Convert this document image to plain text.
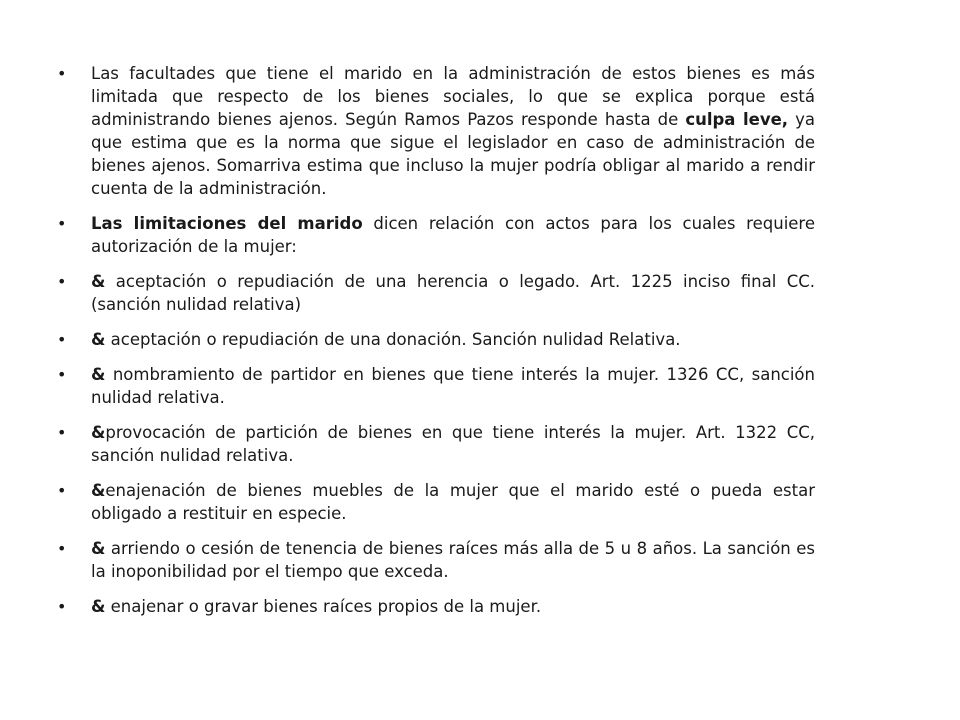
• Las facultades que tiene el marido en la administración de estos bienes es más limitada que respecto de los bienes sociales, lo que se explica porque está administrando bienes ajenos. Según Ramos Pazos responde hasta de culpa leve, ya que estima que es la norma que sigue el legislador en caso de administración de bienes ajenos. Somarriva estima que incluso la mujer podría obligar al marido a rendir cuenta de la administración.
• Las limitaciones del marido dicen relación con actos para los cuales requiere autorización de la mujer:
• & aceptación o repudiación de una herencia o legado. Art. 1225 inciso final CC. (sanción nulidad relativa)
• & aceptación o repudiación de una donación. Sanción nulidad Relativa.
• & nombramiento de partidor en bienes que tiene interés la mujer. 1326 CC, sanción nulidad relativa.
• &provocación de partición de bienes en que tiene interés la mujer. Art. 1322 CC, sanción nulidad relativa.
• &enajenación de bienes muebles de la mujer que el marido esté o pueda estar obligado a restituir en especie.
• & arriendo o cesión de tenencia de bienes raíces más alla de 5 u 8 años. La sanción es la inoponibilidad por el tiempo que exceda.
• & enajenar o gravar bienes raíces propios de la mujer.
